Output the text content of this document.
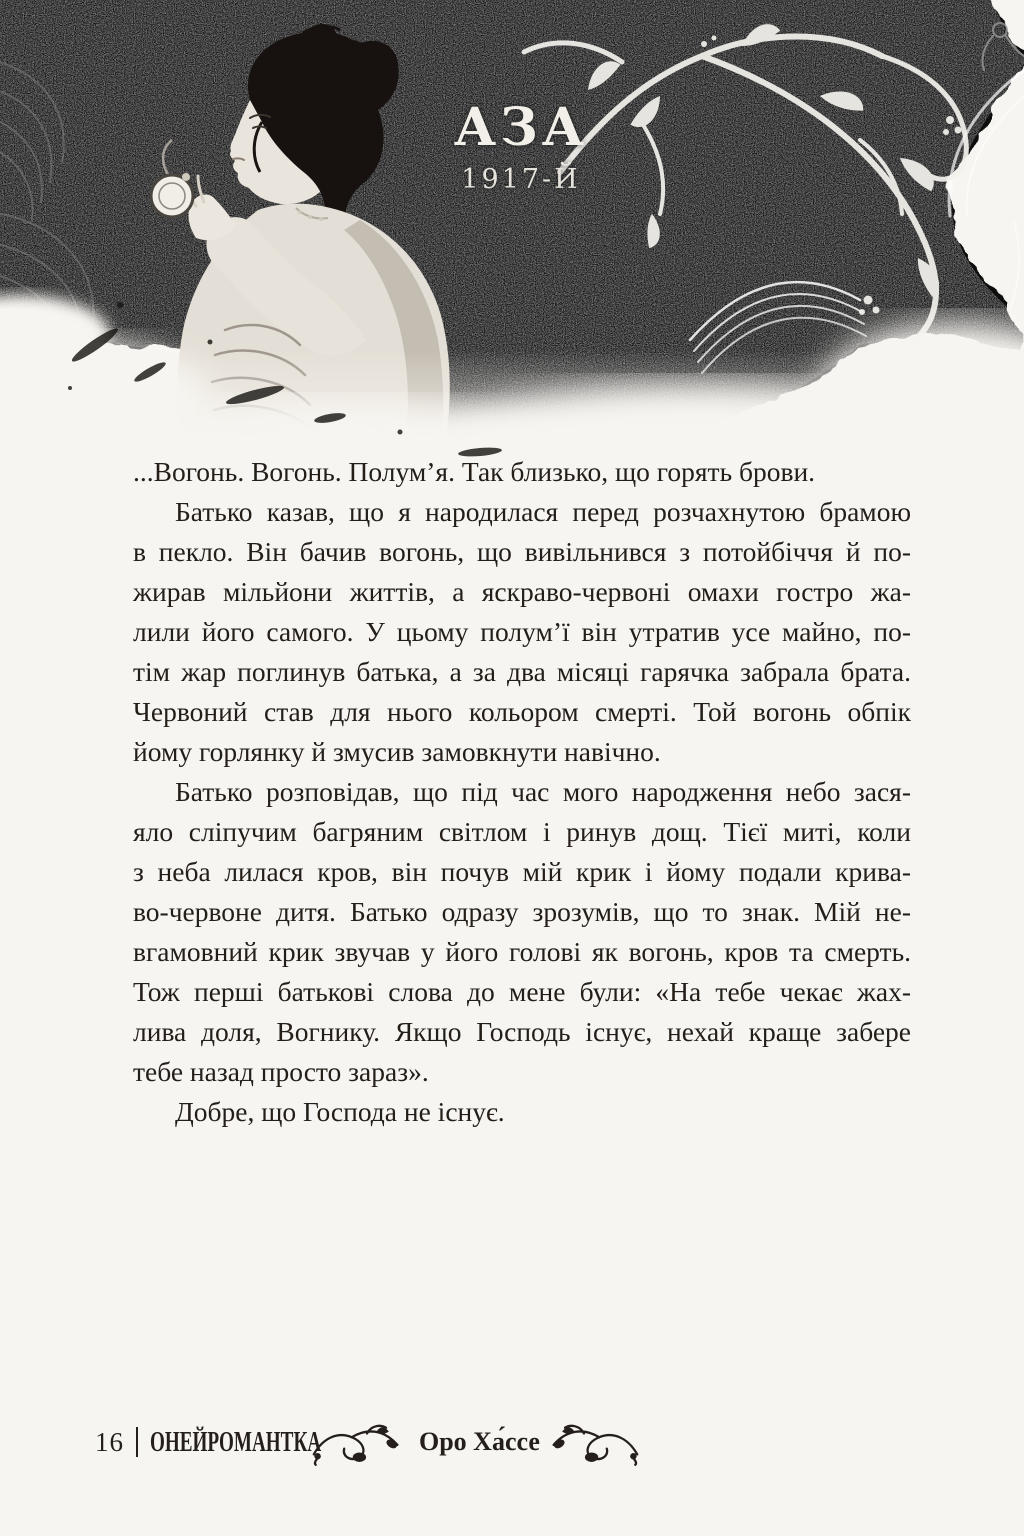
АЗА
1917-Й
...Вогонь. Вогонь. Полум’я. Так близько, що горять брови.
Батько казав, що я народилася перед розчахнутою брамою
в пекло. Він бачив вогонь, що вивільнився з потойбіччя й по-
жирав мільйони життів, а яскраво-червоні омахи гостро жа-
лили його самого. У цьому полум’ї він утратив усе майно, по-
тім жар поглинув батька, а за два місяці гарячка забрала брата.
Червоний став для нього кольором смерті. Той вогонь обпік
йому горлянку й змусив замовкнути навічно.
Батько розповідав, що під час мого народження небо зася-
яло сліпучим багряним світлом і ринув дощ. Тієї миті, коли
з неба лилася кров, він почув мій крик і йому подали крива-
во-червоне дитя. Батько одразу зрозумів, що то знак. Мій не-
вгамовний крик звучав у його голові як вогонь, кров та смерть.
Тож перші батькові слова до мене були: «На тебе чекає жах-
лива доля, Вогнику. Якщо Господь існує, нехай краще забере
тебе назад просто зараз».
Добре, що Господа не існує.
16 ОНЕЙРОМАНТКА	Оро Ха́ссе
